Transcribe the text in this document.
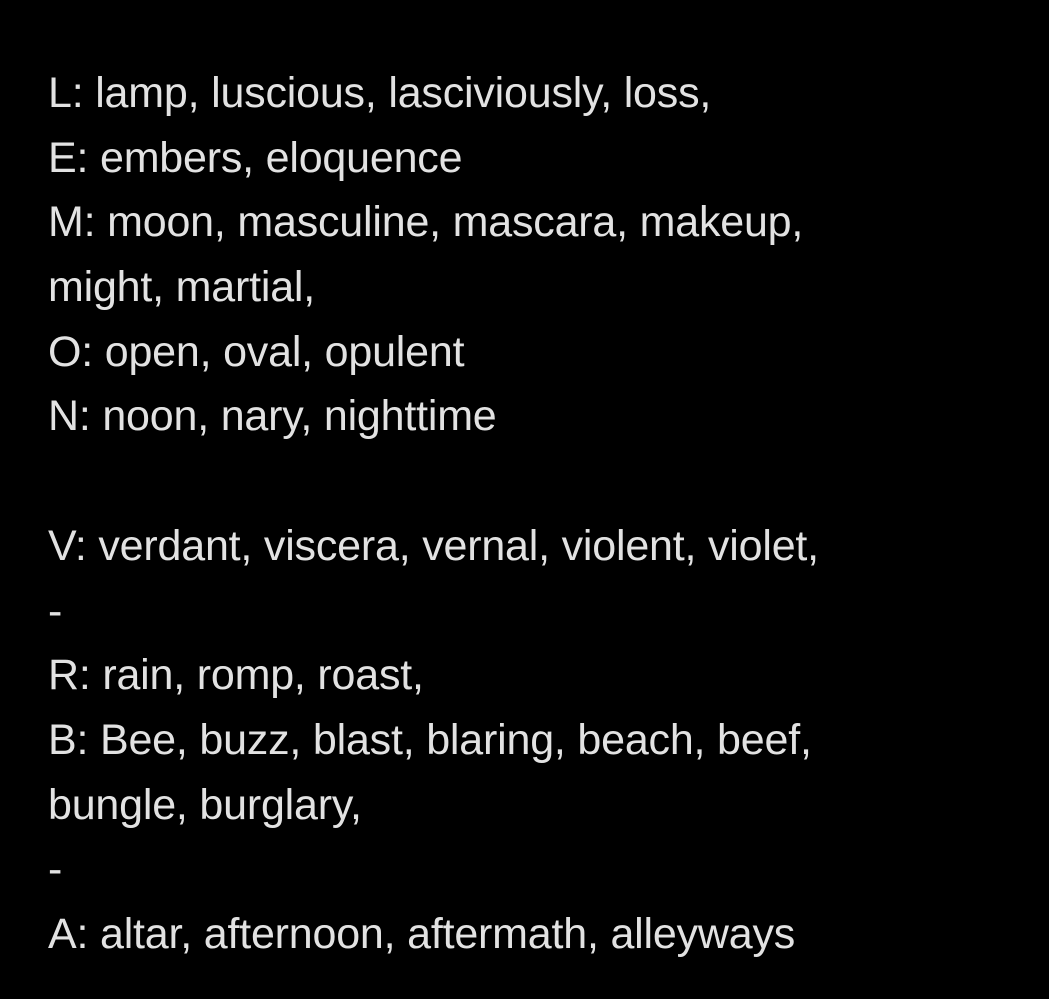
L: lamp, luscious, lasciviously, loss,
E: embers, eloquence
M: moon, masculine, mascara, makeup,
might, martial,
O: open, oval, opulent
N: noon, nary, nighttime
V: verdant, viscera, vernal, violent, violet,
-
R: rain, romp, roast,
B: Bee, buzz, blast, blaring, beach, beef,
bungle, burglary,
-
A: altar, afternoon, aftermath, alleyways
